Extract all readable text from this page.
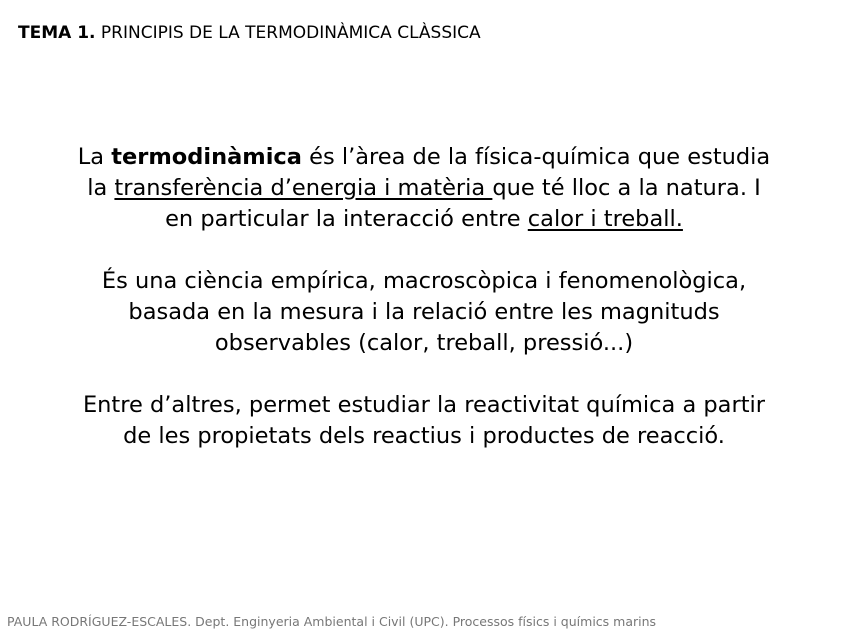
TEMA 1. PRINCIPIS DE LA TERMODINÀMICA CLÀSSICA
La termodinàmica és l’àrea de la física-química que estudia
la transferència d’energia i matèria que té lloc a la natura. I
en particular la interacció entre calor i treball.
És una ciència empírica, macroscòpica i fenomenològica,
basada en la mesura i la relació entre les magnituds
observables (calor, treball, pressió...)
Entre d’altres, permet estudiar la reactivitat química a partir
de les propietats dels reactius i productes de reacció.
PAULA RODRÍGUEZ-ESCALES. Dept. Enginyeria Ambiental i Civil (UPC). Processos físics i químics marins
